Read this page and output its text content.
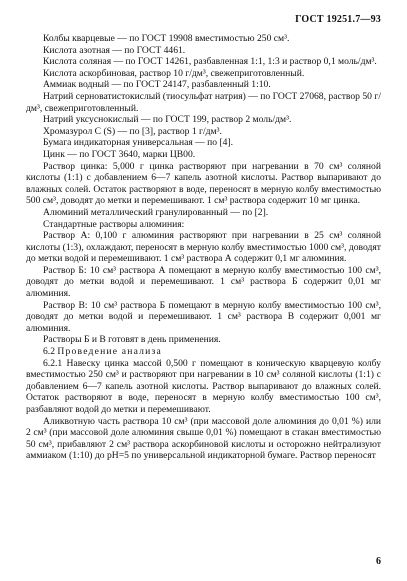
ГОСТ 19251.7—93

Колбы кварцевые — по ГОСТ 19908 вместимостью 250 см³.

Кислота азотная — по ГОСТ 4461.

Кислота соляная — по ГОСТ 14261, разбавленная 1:1, 1:3 и раствор 0,1 моль/дм³.

Кислота аскорбиновая, раствор 10 г/дм³, свежеприготовленный.

Аммиак водный — по ГОСТ 24147, разбавленный 1:10.

Натрий серноватистокислый (тиосульфат натрия) — по ГОСТ 27068, раствор 50 г/дм³, свежеприготовленный.

Натрий уксуснокислый — по ГОСТ 199, раствор 2 моль/дм³.

Хромазурол С (S) — по [3], раствор 1 г/дм³.

Бумага индикаторная универсальная — по [4].

Цинк — по ГОСТ 3640, марки ЦВ00.

Раствор цинка: 5,000 г цинка растворяют при нагревании в 70 см³ соляной кислоты (1:1) с добавлением 6—7 капель азотной кислоты. Раствор выпаривают до влажных солей. Остаток растворяют в воде, переносят в мерную колбу вместимостью 500 см³, доводят до метки и перемешивают. 1 см³ раствора содержит 10 мг цинка.

Алюминий металлический гранулированный — по [2].

Стандартные растворы алюминия:

Раствор А: 0,100 г алюминия растворяют при нагревании в 25 см³ соляной кислоты (1:3), охлаждают, переносят в мерную колбу вместимостью 1000 см³, доводят до метки водой и перемешивают. 1 см³ раствора А содержит 0,1 мг алюминия.

Раствор Б: 10 см³ раствора А помещают в мерную колбу вместимостью 100 см³, доводят до метки водой и перемешивают. 1 см³ раствора Б содержит 0,01 мг алюминия.

Раствор В: 10 см³ раствора Б помещают в мерную колбу вместимостью 100 см³, доводят до метки водой и перемешивают. 1 см³ раствора В содержит 0,001 мг алюминия.

Растворы Б и В готовят в день применения.

6.2 Проведение анализа

6.2.1 Навеску цинка массой 0,500 г помещают в коническую кварцевую колбу вместимостью 250 см³ и растворяют при нагревании в 10 см³ соляной кислоты (1:1) с добавлением 6—7 капель азотной кислоты. Раствор выпаривают до влажных солей. Остаток растворяют в воде, переносят в мерную колбу вместимостью 100 см³, разбавляют водой до метки и перемешивают.

Аликвотную часть раствора 10 см³ (при массовой доле алюминия до 0,01 %) или 2 см³ (при массовой доле алюминия свыше 0,01 %) помещают в стакан вместимостью 50 см³, прибавляют 2 см³ раствора аскорбиновой кислоты и осторожно нейтрализуют аммиаком (1:10) до pH=5 по универсальной индикаторной бумаге. Раствор переносят

6
